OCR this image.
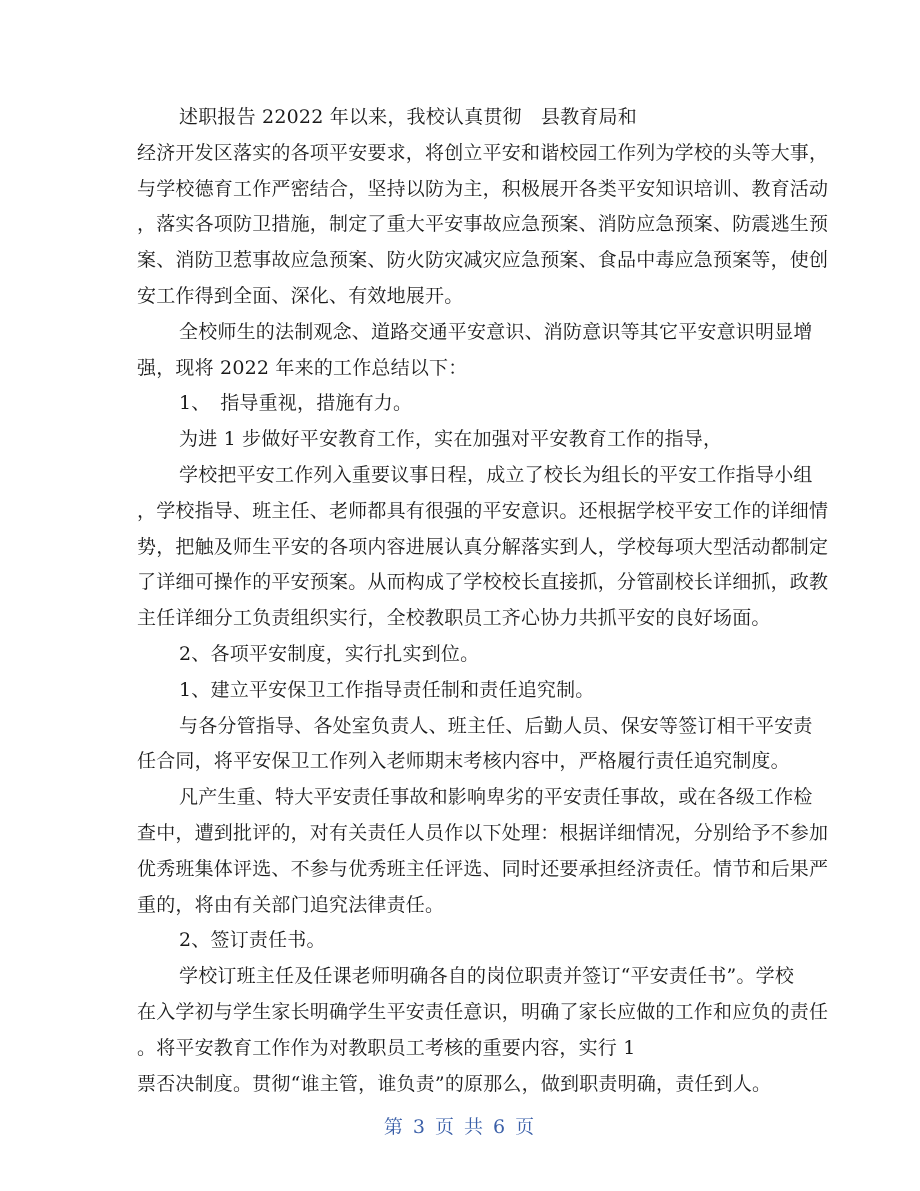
述职报告 22022 年以来，我校认真贯彻　县教育局和
经济开发区落实的各项平安要求，将创立平安和谐校园工作列为学校的头等大事，
与学校德育工作严密结合，坚持以防为主，积极展开各类平安知识培训、教育活动
，落实各项防卫措施，制定了重大平安事故应急预案、消防应急预案、防震逃生预
案、消防卫惹事故应急预案、防火防灾减灾应急预案、食品中毒应急预案等，使创
安工作得到全面、深化、有效地展开。
全校师生的法制观念、道路交通平安意识、消防意识等其它平安意识明显增
强，现将 2022 年来的工作总结以下：
1、　指导重视，措施有力。
为进 1 步做好平安教育工作，实在加强对平安教育工作的指导，
学校把平安工作列入重要议事日程，成立了校长为组长的平安工作指导小组
，学校指导、班主任、老师都具有很强的平安意识。还根据学校平安工作的详细情
势，把触及师生平安的各项内容进展认真分解落实到人，学校每项大型活动都制定
了详细可操作的平安预案。从而构成了学校校长直接抓，分管副校长详细抓，政教
主任详细分工负责组织实行，全校教职员工齐心协力共抓平安的良好场面。
2、各项平安制度，实行扎实到位。
1、建立平安保卫工作指导责任制和责任追究制。
与各分管指导、各处室负责人、班主任、后勤人员、保安等签订相干平安责
任合同，将平安保卫工作列入老师期末考核内容中，严格履行责任追究制度。
凡产生重、特大平安责任事故和影响卑劣的平安责任事故，或在各级工作检
查中，遭到批评的，对有关责任人员作以下处理：根据详细情况，分别给予不参加
优秀班集体评选、不参与优秀班主任评选、同时还要承担经济责任。情节和后果严
重的，将由有关部门追究法律责任。
2、签订责任书。
学校订班主任及任课老师明确各自的岗位职责并签订“平安责任书”。学校
在入学初与学生家长明确学生平安责任意识，明确了家长应做的工作和应负的责任
。将平安教育工作作为对教职员工考核的重要内容，实行 1
票否决制度。贯彻“谁主管，谁负责”的原那么，做到职责明确，责任到人。
第 3 页 共 6 页
